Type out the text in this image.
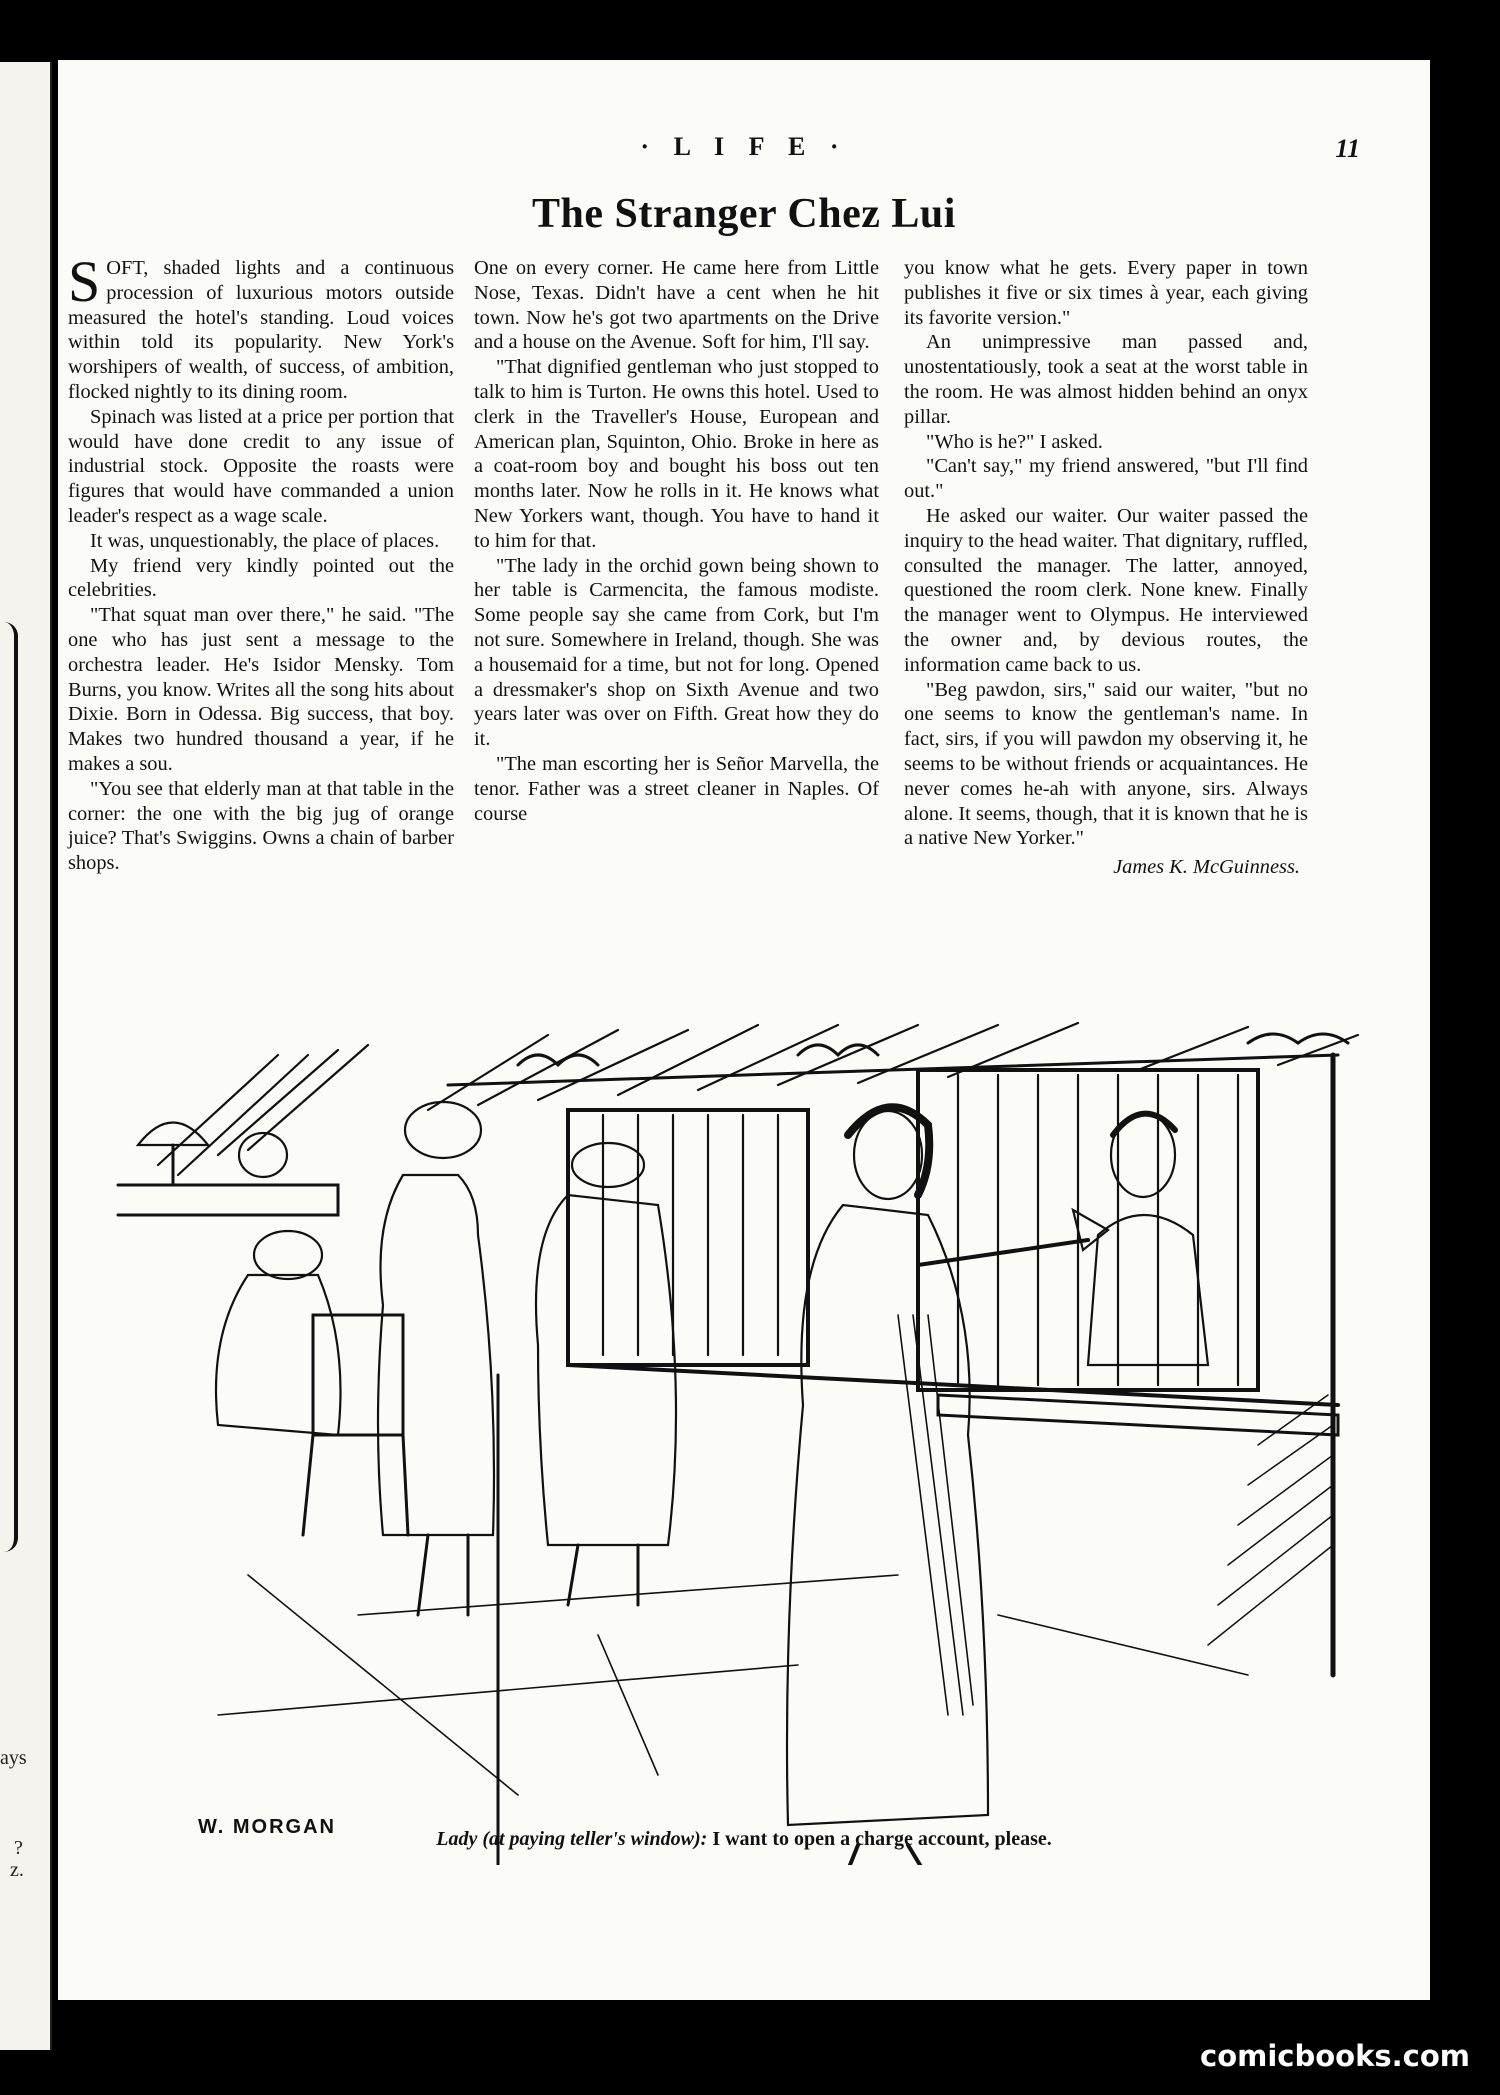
ays
?
z.
· L I F E ·	11
The Stranger Chez Lui

SOFT, shaded lights and a continuous procession of luxurious motors outside measured the hotel's standing. Loud voices within told its popularity. New York's worshipers of wealth, of success, of ambition, flocked nightly to its dining room.

Spinach was listed at a price per portion that would have done credit to any issue of industrial stock. Opposite the roasts were figures that would have commanded a union leader's respect as a wage scale.

It was, unquestionably, the place of places.

My friend very kindly pointed out the celebrities.

"That squat man over there," he said. "The one who has just sent a message to the orchestra leader. He's Isidor Mensky. Tom Burns, you know. Writes all the song hits about Dixie. Born in Odessa. Big success, that boy. Makes two hundred thousand a year, if he makes a sou.

"You see that elderly man at that table in the corner: the one with the big jug of orange juice? That's Swiggins. Owns a chain of barber shops.

One on every corner. He came here from Little Nose, Texas. Didn't have a cent when he hit town. Now he's got two apartments on the Drive and a house on the Avenue. Soft for him, I'll say.

"That dignified gentleman who just stopped to talk to him is Turton. He owns this hotel. Used to clerk in the Traveller's House, European and American plan, Squinton, Ohio. Broke in here as a coat-room boy and bought his boss out ten months later. Now he rolls in it. He knows what New Yorkers want, though. You have to hand it to him for that.

"The lady in the orchid gown being shown to her table is Carmencita, the famous modiste. Some people say she came from Cork, but I'm not sure. Somewhere in Ireland, though. She was a housemaid for a time, but not for long. Opened a dressmaker's shop on Sixth Avenue and two years later was over on Fifth. Great how they do it.

"The man escorting her is Señor Marvella, the tenor. Father was a street cleaner in Naples. Of course

you know what he gets. Every paper in town publishes it five or six times à year, each giving its favorite version."

An unimpressive man passed and, unostentatiously, took a seat at the worst table in the room. He was almost hidden behind an onyx pillar.

"Who is he?" I asked.

"Can't say," my friend answered, "but I'll find out."

He asked our waiter. Our waiter passed the inquiry to the head waiter. That dignitary, ruffled, consulted the manager. The latter, annoyed, questioned the room clerk. None knew. Finally the manager went to Olympus. He interviewed the owner and, by devious routes, the information came back to us.

"Beg pawdon, sirs," said our waiter, "but no one seems to know the gentleman's name. In fact, sirs, if you will pawdon my observing it, he seems to be without friends or acquaintances. He never comes he-ah with anyone, sirs. Always alone. It seems, though, that it is known that he is a native New Yorker."

James K. McGuinness.
W. MORGAN
Lady (at paying teller's window): I want to open a charge account, please.
comicbooks.com
